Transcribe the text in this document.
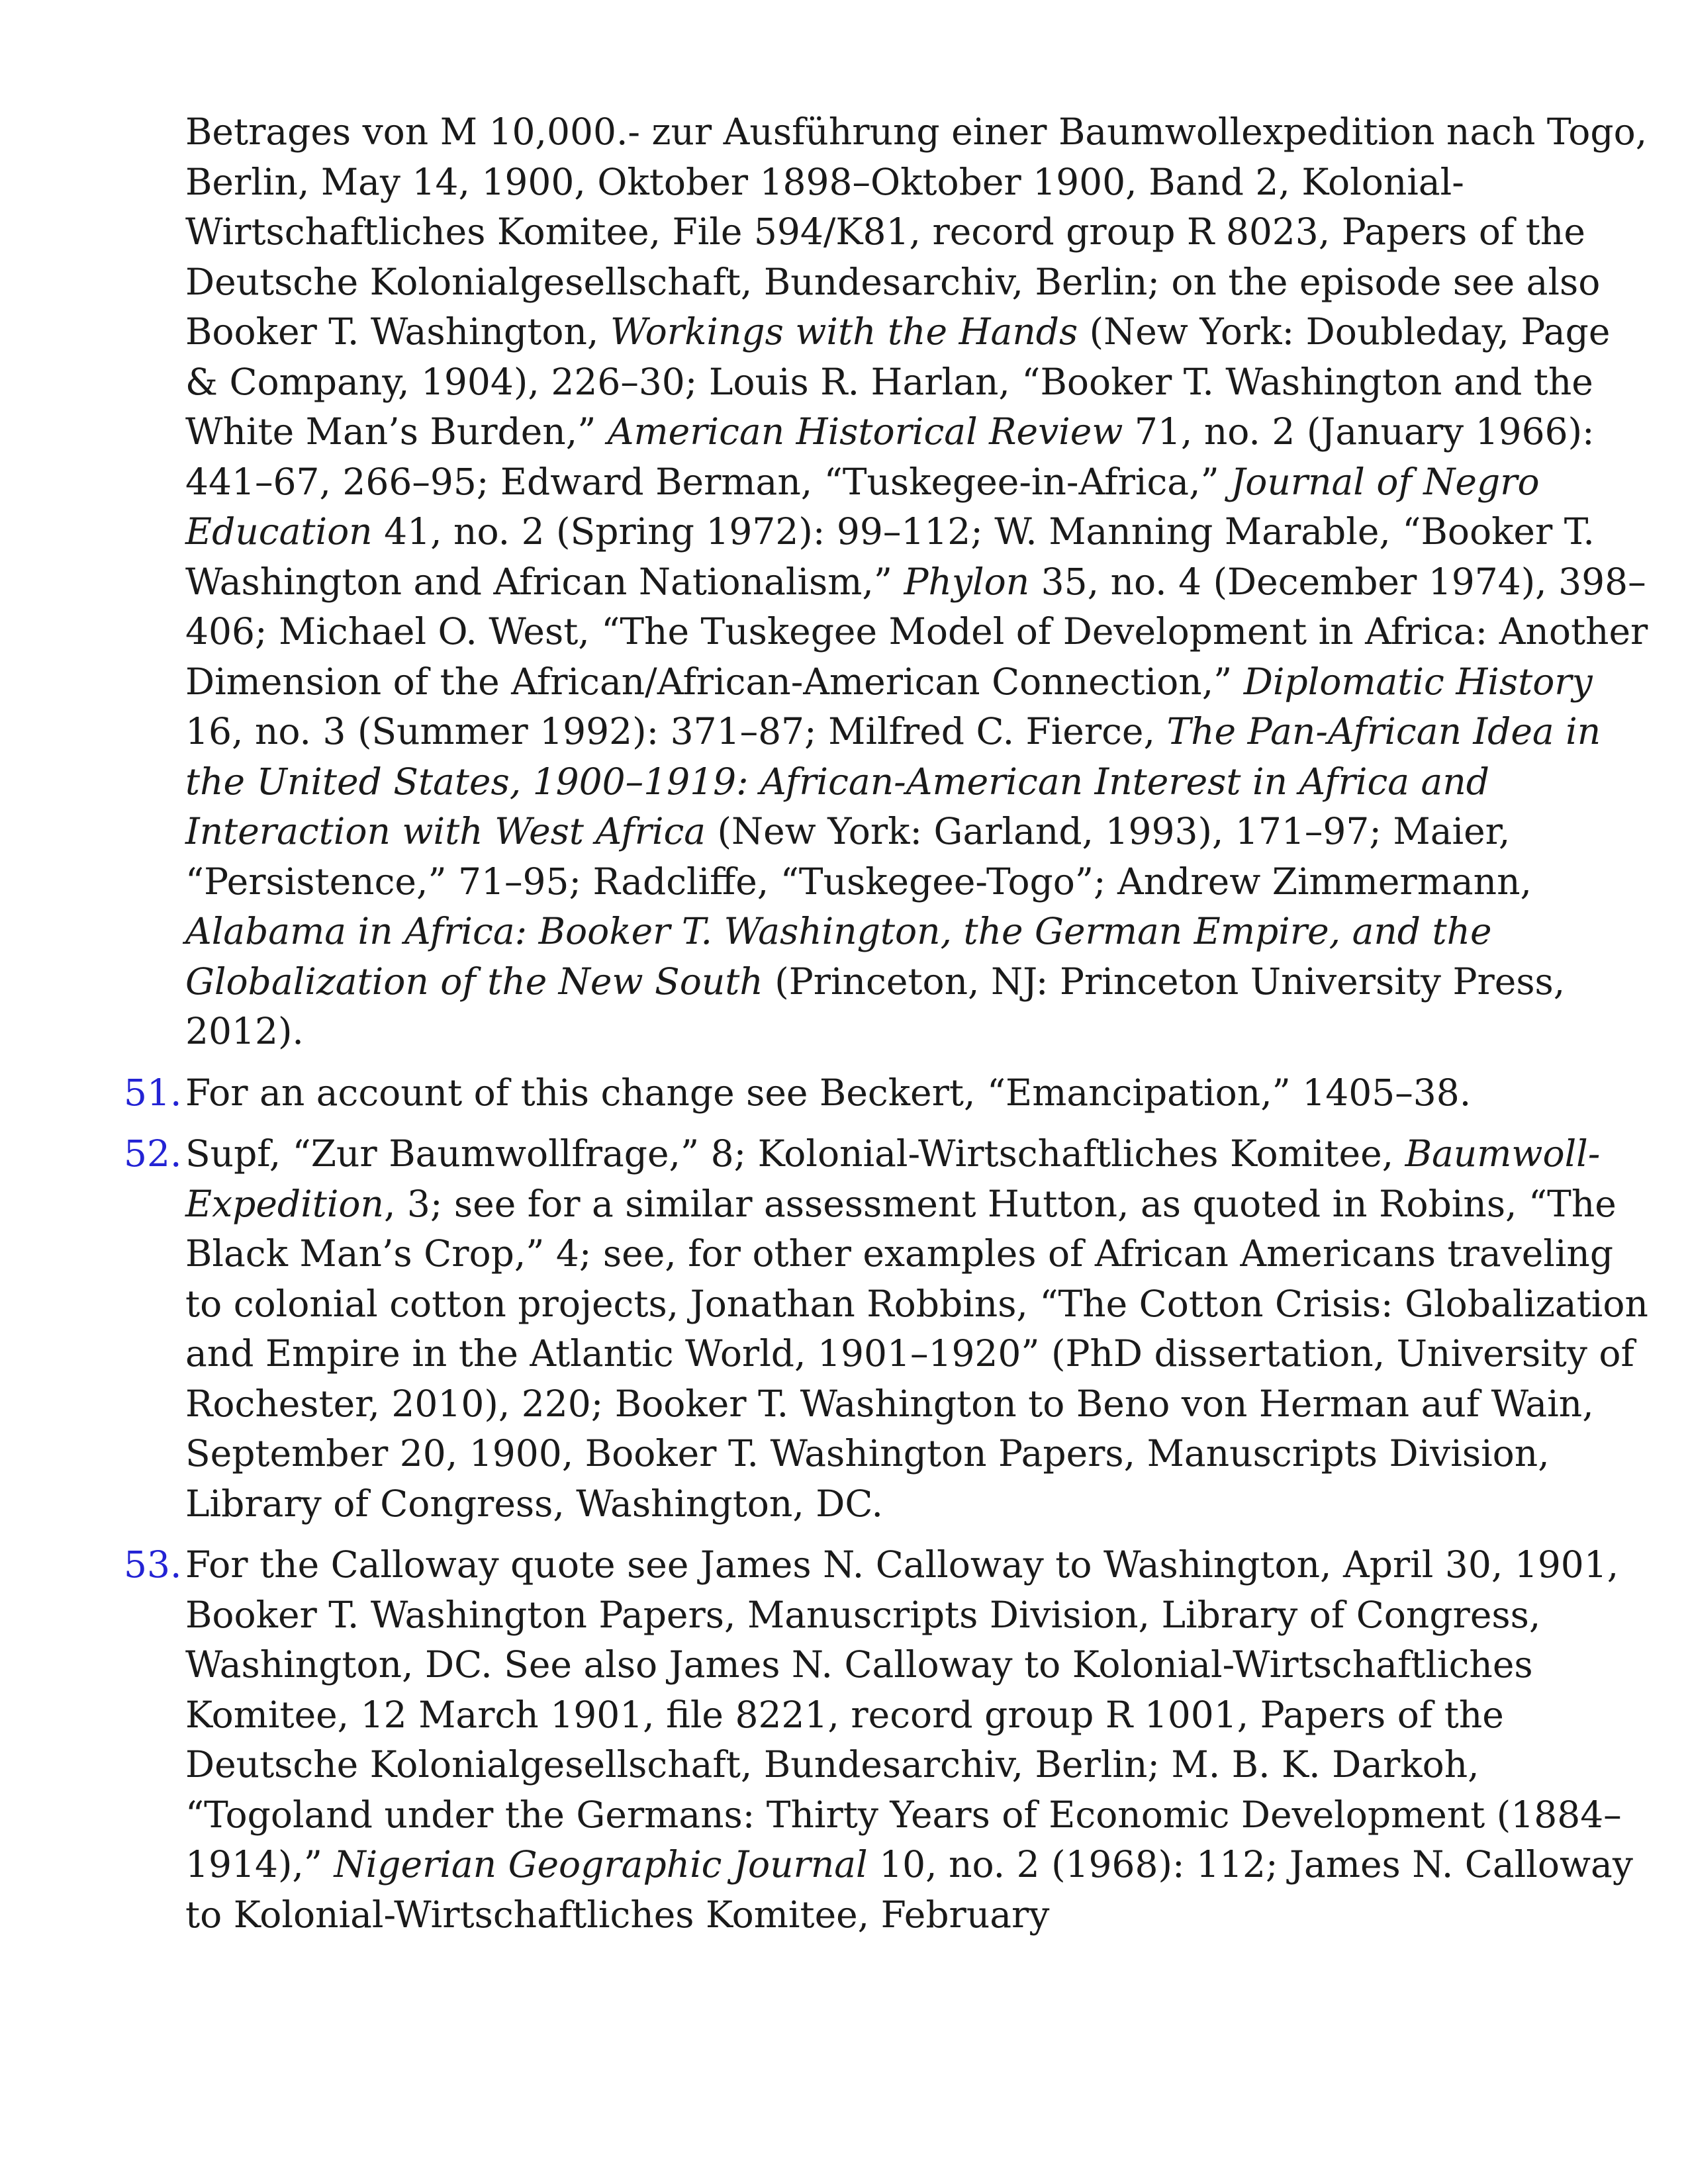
Betrages von M 10,000.- zur Ausführung einer Baumwollexpedition nach Togo, Berlin, May 14, 1900, Oktober 1898–Oktober 1900, Band 2, Kolonial-Wirtschaftliches Komitee, File 594/K81, record group R 8023, Papers of the Deutsche Kolonialgesellschaft, Bundesarchiv, Berlin; on the episode see also Booker T. Washington, Workings with the Hands (New York: Doubleday, Page & Company, 1904), 226–30; Louis R. Harlan, “Booker T. Washington and the White Man’s Burden,” American Historical Review 71, no. 2 (January 1966): 441–67, 266–95; Edward Berman, “Tuskegee-in-Africa,” Journal of Negro Education 41, no. 2 (Spring 1972): 99–112; W. Manning Marable, “Booker T. Washington and African Nationalism,” Phylon 35, no. 4 (December 1974), 398–406; Michael O. West, “The Tuskegee Model of Development in Africa: Another Dimension of the African/African-American Connection,” Diplomatic History 16, no. 3 (Summer 1992): 371–87; Milfred C. Fierce, The Pan-African Idea in the United States, 1900–1919: African-American Interest in Africa and Interaction with West Africa (New York: Garland, 1993), 171–97; Maier, “Persistence,” 71–95; Radcliffe, “Tuskegee-Togo”; Andrew Zimmermann, Alabama in Africa: Booker T. Washington, the German Empire, and the Globalization of the New South (Princeton, NJ: Princeton University Press, 2012).
51. For an account of this change see Beckert, “Emancipation,” 1405–38.
52. Supf, “Zur Baumwollfrage,” 8; Kolonial-Wirtschaftliches Komitee, Baumwoll-Expedition, 3; see for a similar assessment Hutton, as quoted in Robins, “The Black Man’s Crop,” 4; see, for other examples of African Americans traveling to colonial cotton projects, Jonathan Robbins, “The Cotton Crisis: Globalization and Empire in the Atlantic World, 1901–1920” (PhD dissertation, University of Rochester, 2010), 220; Booker T. Washington to Beno von Herman auf Wain, September 20, 1900, Booker T. Washington Papers, Manuscripts Division, Library of Congress, Washington, DC.
53. For the Calloway quote see James N. Calloway to Washington, April 30, 1901, Booker T. Washington Papers, Manuscripts Division, Library of Congress, Washington, DC. See also James N. Calloway to Kolonial-Wirtschaftliches Komitee, 12 March 1901, file 8221, record group R 1001, Papers of the Deutsche Kolonialgesellschaft, Bundesarchiv, Berlin; M. B. K. Darkoh, “Togoland under the Germans: Thirty Years of Economic Development (1884–1914),” Nigerian Geographic Journal 10, no. 2 (1968): 112; James N. Calloway to Kolonial-Wirtschaftliches Komitee, February
